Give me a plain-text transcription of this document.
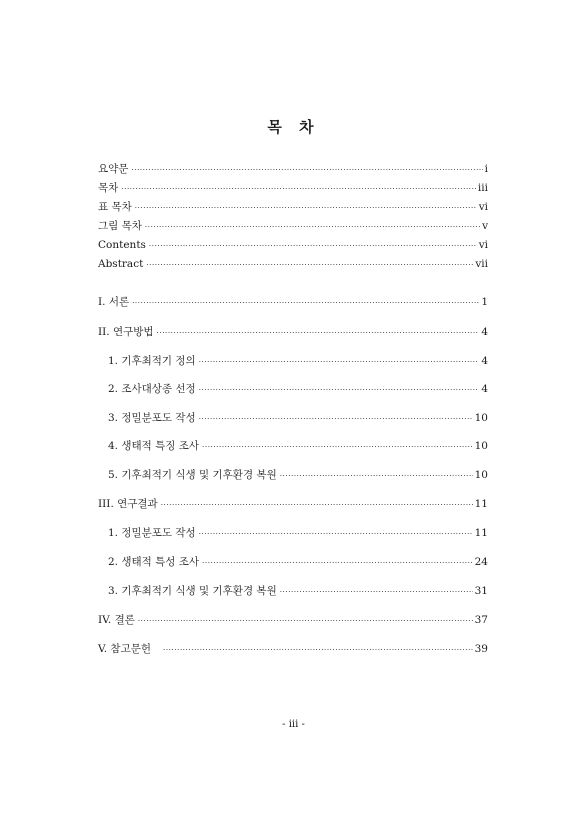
목 차
요약문 ·····	i
목차 ·····	iii
표 목차 ·····	vi
그림 목차 ·····	v
Contents ·····	vi
Abstract ·····	vii
I. 서론 ·····	1
II. 연구방법 ·····	4
1. 기후최적기 정의 ·····	4
2. 조사대상종 선정 ·····	4
3. 정밀분포도 작성 ·····	10
4. 생태적 특징 조사 ·····	10
5. 기후최적기 식생 및 기후환경 복원 ·····	10
III. 연구결과 ·····	11
1. 정밀분포도 작성 ·····	11
2. 생태적 특성 조사 ·····	24
3. 기후최적기 식생 및 기후환경 복원 ·····	31
IV. 결론 ·····	37
V. 참고문헌 ·····	39
- iii -
